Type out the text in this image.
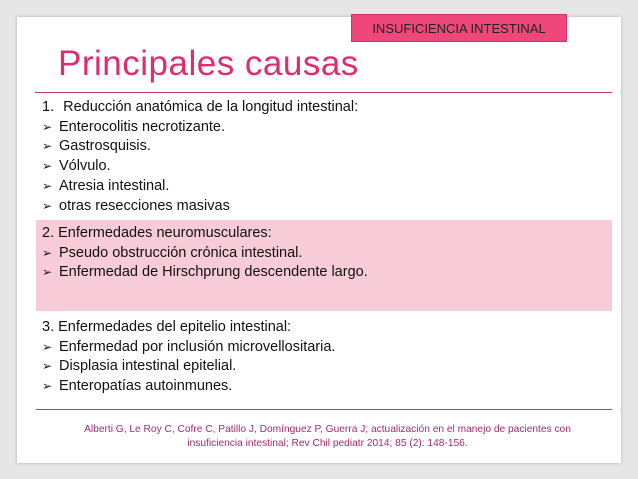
INSUFICIENCIA INTESTINAL
Principales causas
1. Reducción anatómica de la longitud intestinal:
➢ Enterocolitis necrotizante.
➢ Gastrosquisis.
➢ Vólvulo.
➢ Atresia intestinal.
➢ otras resecciones masivas
2. Enfermedades neuromusculares:
➢ Pseudo obstrucción crónica intestinal.
➢ Enfermedad de Hirschprung descendente largo.
3. Enfermedades del epitelio intestinal:
➢ Enfermedad por inclusión microvellositaria.
➢ Displasia intestinal epitelial.
➢ Enteropatías autoinmunes.
Alberti G, Le Roy C, Cofre C, Patillo J, Domínguez P, Guerra J; actualización en el manejo de pacientes con
insuficiencia intestinal; Rev Chil pediatr 2014; 85 (2): 148-156.
